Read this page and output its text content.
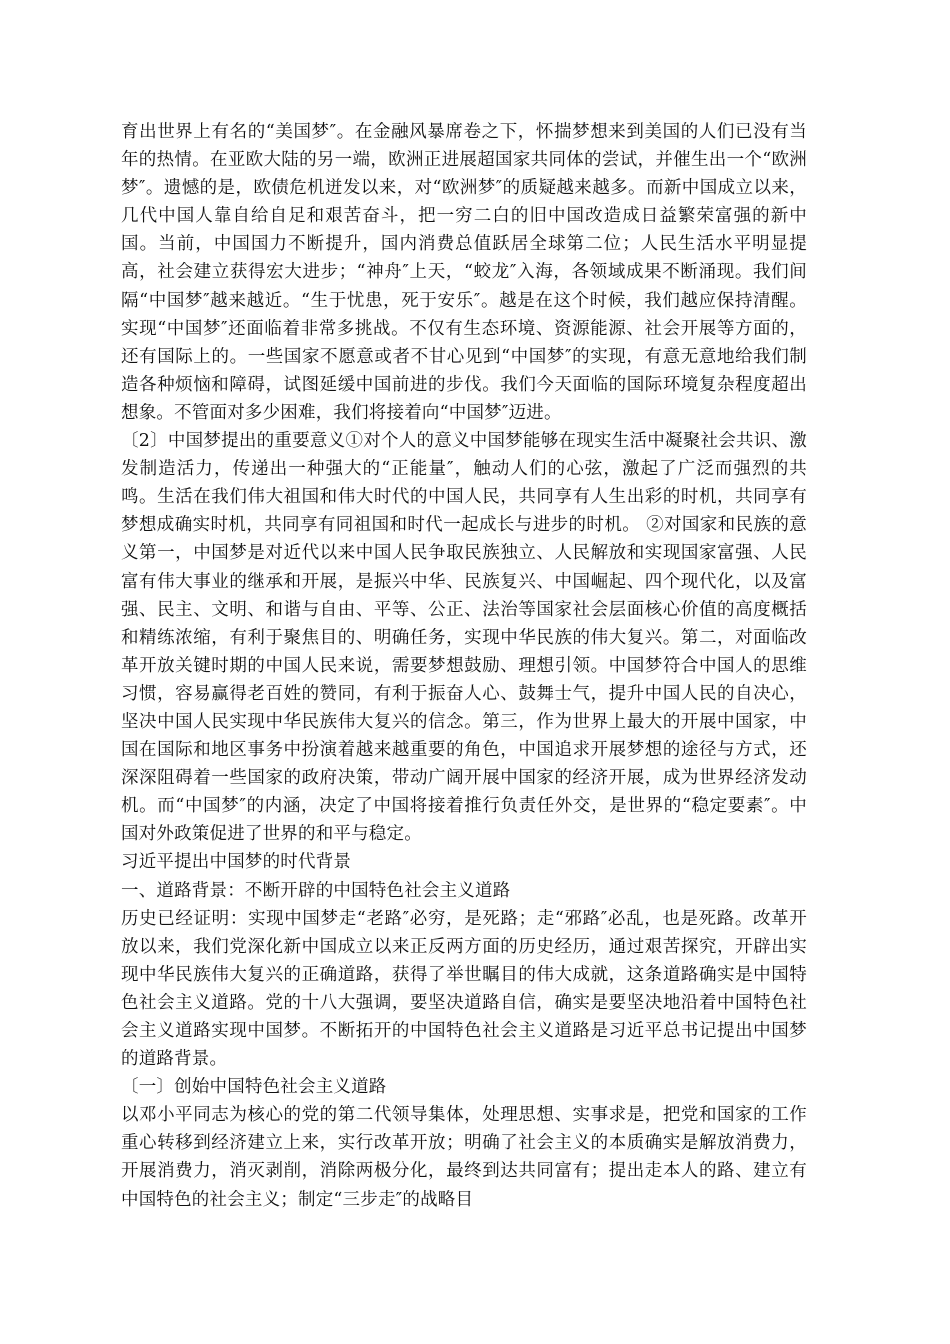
育出世界上有名的“美国梦″。在金融风暴席卷之下，怀揣梦想来到美国的人们已没有当年的热情。在亚欧大陆的另一端，欧洲正进展超国家共同体的尝试，并催生出一个“欧洲梦″。遗憾的是，欧债危机迸发以来，对“欧洲梦″的质疑越来越多。而新中国成立以来，几代中国人靠自给自足和艰苦奋斗，把一穷二白的旧中国改造成日益繁荣富强的新中国。当前，中国国力不断提升，国内消费总值跃居全球第二位；人民生活水平明显提高，社会建立获得宏大进步；“神舟″上天，“蛟龙″入海，各领域成果不断涌现。我们间隔“中国梦″越来越近。“生于忧患，死于安乐″。越是在这个时候，我们越应保持清醒。实现“中国梦″还面临着非常多挑战。不仅有生态环境、资源能源、社会开展等方面的，还有国际上的。一些国家不愿意或者不甘心见到“中国梦″的实现，有意无意地给我们制造各种烦恼和障碍，试图延缓中国前进的步伐。我们今天面临的国际环境复杂程度超出想象。不管面对多少困难，我们将接着向“中国梦″迈进。

〔2〕中国梦提出的重要意义①对个人的意义中国梦能够在现实生活中凝聚社会共识、激发制造活力，传递出一种强大的“正能量″，触动人们的心弦，激起了广泛而强烈的共鸣。生活在我们伟大祖国和伟大时代的中国人民，共同享有人生出彩的时机，共同享有梦想成确实时机，共同享有同祖国和时代一起成长与进步的时机。 ②对国家和民族的意义第一，中国梦是对近代以来中国人民争取民族独立、人民解放和实现国家富强、人民富有伟大事业的继承和开展，是振兴中华、民族复兴、中国崛起、四个现代化，以及富强、民主、文明、和谐与自由、平等、公正、法治等国家社会层面核心价值的高度概括和精练浓缩，有利于聚焦目的、明确任务，实现中华民族的伟大复兴。第二，对面临改革开放关键时期的中国人民来说，需要梦想鼓励、理想引领。中国梦符合中国人的思维习惯，容易赢得老百姓的赞同，有利于振奋人心、鼓舞士气，提升中国人民的自决心，坚决中国人民实现中华民族伟大复兴的信念。第三，作为世界上最大的开展中国家，中国在国际和地区事务中扮演着越来越重要的角色，中国追求开展梦想的途径与方式，还深深阻碍着一些国家的政府决策，带动广阔开展中国家的经济开展，成为世界经济发动机。而“中国梦″的内涵，决定了中国将接着推行负责任外交，是世界的“稳定要素″。中国对外政策促进了世界的和平与稳定。

习近平提出中国梦的时代背景

一、道路背景：不断开辟的中国特色社会主义道路

历史已经证明：实现中国梦走“老路″必穷，是死路；走“邪路″必乱，也是死路。改革开放以来，我们党深化新中国成立以来正反两方面的历史经历，通过艰苦探究，开辟出实现中华民族伟大复兴的正确道路，获得了举世瞩目的伟大成就，这条道路确实是中国特色社会主义道路。党的十八大强调，要坚决道路自信，确实是要坚决地沿着中国特色社会主义道路实现中国梦。不断拓开的中国特色社会主义道路是习近平总书记提出中国梦的道路背景。

〔一〕创始中国特色社会主义道路

以邓小平同志为核心的党的第二代领导集体，处理思想、实事求是，把党和国家的工作重心转移到经济建立上来，实行改革开放；明确了社会主义的本质确实是解放消费力，开展消费力，消灭剥削，消除两极分化，最终到达共同富有；提出走本人的路、建立有中国特色的社会主义；制定“三步走″的战略目
